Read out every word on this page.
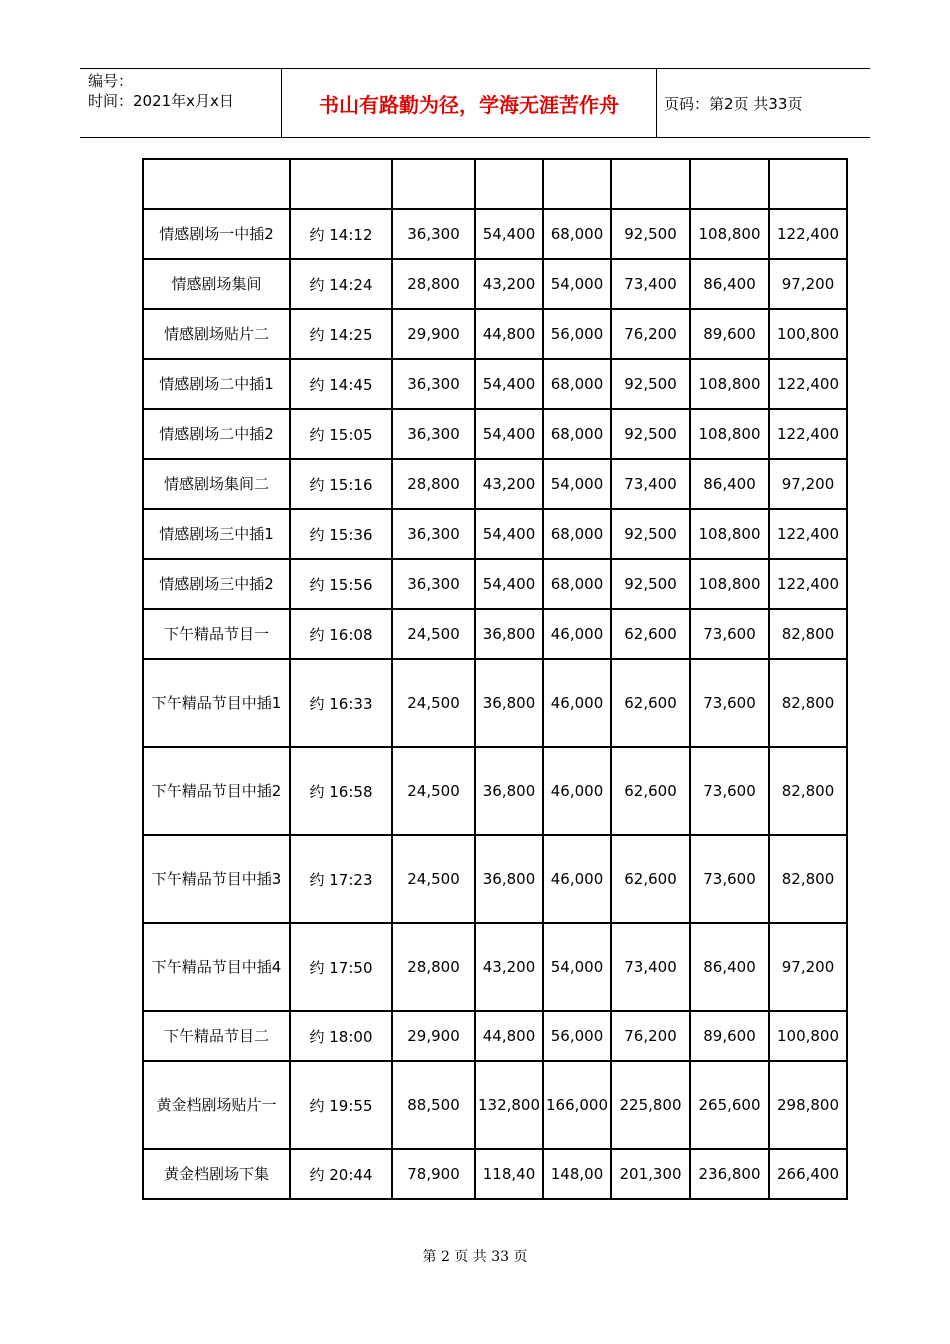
编号：
时间：2021年x月x日	书山有路勤为径，学海无涯苦作舟	页码：第2页 共33页

情感剧场一中插2	约 14:12	36,300	54,400	68,000	92,500	108,800	122,400
情感剧场集间	约 14:24	28,800	43,200	54,000	73,400	86,400	97,200
情感剧场贴片二	约 14:25	29,900	44,800	56,000	76,200	89,600	100,800
情感剧场二中插1	约 14:45	36,300	54,400	68,000	92,500	108,800	122,400
情感剧场二中插2	约 15:05	36,300	54,400	68,000	92,500	108,800	122,400
情感剧场集间二	约 15:16	28,800	43,200	54,000	73,400	86,400	97,200
情感剧场三中插1	约 15:36	36,300	54,400	68,000	92,500	108,800	122,400
情感剧场三中插2	约 15:56	36,300	54,400	68,000	92,500	108,800	122,400
下午精品节目一	约 16:08	24,500	36,800	46,000	62,600	73,600	82,800
下午精品节目中插1	约 16:33	24,500	36,800	46,000	62,600	73,600	82,800
下午精品节目中插2	约 16:58	24,500	36,800	46,000	62,600	73,600	82,800
下午精品节目中插3	约 17:23	24,500	36,800	46,000	62,600	73,600	82,800
下午精品节目中插4	约 17:50	28,800	43,200	54,000	73,400	86,400	97,200
下午精品节目二	约 18:00	29,900	44,800	56,000	76,200	89,600	100,800
黄金档剧场贴片一	约 19:55	88,500	132,800	166,000	225,800	265,600	298,800
黄金档剧场下集	约 20:44	78,900	118,40	148,00	201,300	236,800	266,400
第 2 页 共 33 页
